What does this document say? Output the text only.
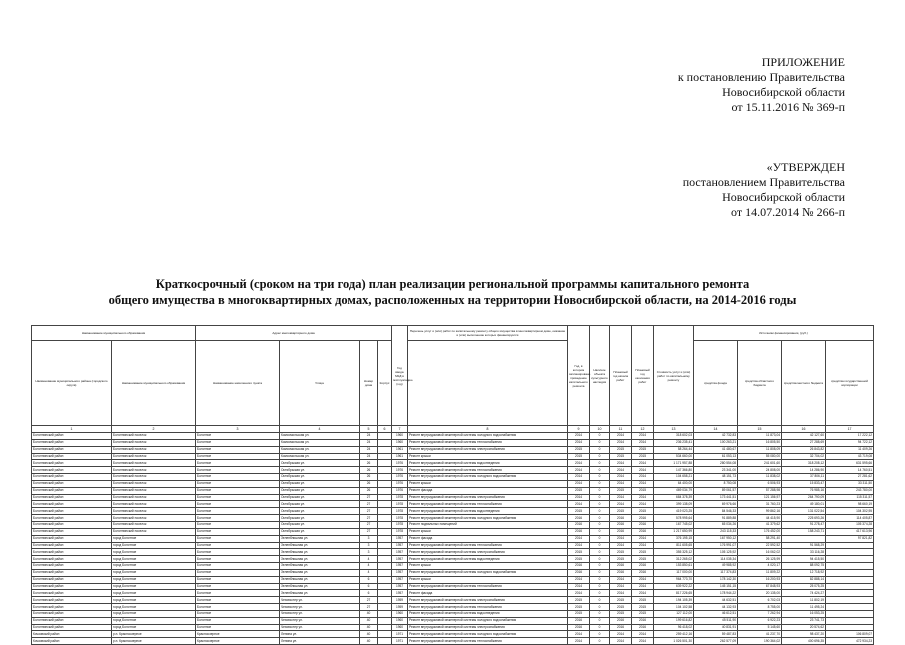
ПРИЛОЖЕНИЕ
к постановлению Правительства
Новосибирской области
от 15.11.2016 № 369-п
«УТВЕРЖДЕН
постановлением Правительства
Новосибирской области
от 14.07.2014 № 266-п
Краткосрочный (сроком на три года) план реализации региональной программы капитального ремонта
общего имущества в многоквартирных домах, расположенных на территории Новосибирской области, на 2014-2016 годы
Наименование муниципального образования		Адрес многоквартирного дома				Год ввода МКД в эксплуатацию (год)	Перечень услуг и (или) работ по капитальному ремонту общего имущества в многоквартирном доме, оказание и (или) выполнение которых финансируется	Год, в котором запланировано проведение капитального ремонта	Наличие объекта культурного наследия	Плановый год начала работ	Плановый год окончания работ	Стоимость услуг и (или) работ по капитальному ремонту	Источники финансирования, (руб.)			
Наименование муниципального района (городского округа)	Наименование муниципального образования	Наименование населенного пункта	Улица	Номер дома	Корпус								средства фонда	средства областного бюджета	средства местного бюджета	средства государственной корпорации
1	2	3	4	5	6	7	8	9	10	11	12	13	14	15	16	17
Болотнинский район	Болотнинский поселок	Болотное	Комсомольская ул.	24		1960	Ремонт внутридомовой инженерной системы холодного водоснабжения	2014	0	2014	2014	318 602,03	42 732,83	11 873,04	42 127,60	17 222,12
Болотнинский район	Болотнинский поселок	Болотное	Комсомольская ул.	24		1960	Ремонт внутридомовой инженерной системы теплоснабжения	2014	0	2014	2014	236 235,41	100 263,21	16 805,50	27 288,69	94 722,12
Болотнинский район	Болотнинский поселок	Болотное	Комсомольская ул.	24		1961	Ремонт внутридомовой инженерной системы электроснабжения	2015	0	2015	2015	58 264,44	41 480,67	11 808,09	26 843,82	11 409,26
Болотнинский район	Болотнинский поселок	Болотное	Комсомольская ул.	24		1961	Ремонт крыши	2015	0	2015	2015	534 660,00	61 053,13	55 080,00	32 704,02	43 719,08
Болотнинский район	Болотнинский поселок	Болотное	Октябрьская ул.	26		1976	Ремонт внутридомовой инженерной системы водоотведения	2014	0	2014	2014	1 171 957,88	280 554,08	241 601,60	318 208,12	631 595,66
Болотнинский район	Болотнинский поселок	Болотное	Октябрьская ул.	26		1976	Ремонт внутридомовой инженерной системы теплоснабжения	2014	0	2014	2014	147 366,80	23 341,00	24 808,00	14 286,90	14 760,51
Болотнинский район	Болотнинский поселок	Болотное	Октябрьская ул.	26		1976	Ремонт внутридомовой инженерной системы холодного водоснабжения	2014	0	2014	2014	104 658,21	48 151,73	11 838,02	37 806,11	27 281,62
Болотнинский район	Болотнинский поселок	Болотное	Октябрьская ул.	26		1976	Ремонт крыши	2014	0	2014	2014	64 400,00	8 750,08	6 506,93	15 833,47	33 311,50
Болотнинский район	Болотнинский поселок	Болотное	Октябрьская ул.	26		1976	Ремонт фасада	2015	0	2015	2015	469 034,79	89 061,57	57 288,98	76 985,16	243 780,00
Болотнинский район	Болотнинский поселок	Болотное	Октябрьская ул.	27		1978	Ремонт внутридомовой инженерной системы электроснабжения	2014	0	2014	2014	684 378,39	173 441,51	121 156,97	264 790,09	115 311,57
Болотнинский район	Болотнинский поселок	Болотное	Октябрьская ул.	27		1978	Ремонт внутридомовой инженерной системы теплоснабжения	2014	0	2014	2014	399 138,09	69 976,66	31 760,23	49 180,01	98 660,19
Болотнинский район	Болотнинский поселок	Болотное	Октябрьская ул.	27		1978	Ремонт внутридомовой инженерной системы водоотведения	2015	0	2015	2015	419 023,25	84 546,33	99 862,16	131 022,54	104 302,95
Болотнинский район	Болотнинский поселок	Болотное	Октябрьская ул.	27		1978	Ремонт внутридомовой инженерной системы холодного водоснабжения	2016	0	2016	2016	578 995,64	91 889,88	44 415,90	225 693,26	114 405,87
Болотнинский район	Болотнинский поселок	Болотное	Октябрьская ул.	27		1978	Ремонт подвальных помещений	2016	0	2016	2016	167 745,02	65 034,26	41 379,62	91 278,47	105 374,28
Болотнинский район	Болотнинский поселок	Болотное	Октябрьская ул.	27		1978	Ремонт крыши	2016	0	2016	2016	1 217 650,99	243 115,33	176 452,00	158 243,71	417 613,96
Болотнинский район	город Болотное	Болотное	Зеленблишная ул.	3		1957	Ремонт фасада	2014	0	2014	2014	376 195,15	167 950,12	58 291,40		97 821,82
Болотнинский район	город Болотное	Болотное	Зеленблишная ул.	3		1957	Ремонт внутридомовой инженерной системы теплоснабжения	2014	0	2014	2014	811 605,65	176 991,07	22 592,52	91 568,29	
Болотнинский район	город Болотное	Болотное	Зеленблишная ул.	3		1957	Ремонт внутридомовой инженерной системы электроснабжения	2015	0	2015	2015	355 325,12	105 125,92	16 062,02	33 116,28	
Болотнинский район	город Болотное	Болотное	Зеленблишная ул.	4		1957	Ремонт внутридомовой инженерной системы водоотведения	2015	0	2015	2015	312 265,02	114 035,34	26 125,99	94 415,50	
Болотнинский район	город Болотное	Болотное	Зеленблишная ул.	4		1957	Ремонт крыши	2016	0	2016	2016	153 850,61	49 985,92	4 020,17	88 092,75	
Болотнинский район	город Болотное	Болотное	Зеленблишная ул.	4		1957	Ремонт внутридомовой инженерной системы холодного водоснабжения	2016	0	2016	2016	117 000,00	117 374,83	11 809,22	12 718,92	
Болотнинский район	город Болотное	Болотное	Зеленблишная ул.	6		1957	Ремонт крыши	2014	0	2014	2014	964 773,70	178 142,30	16 200,93	82 888,14	
Болотнинский район	город Болотное	Болотное	Зеленблишная ул.	6		1957	Ремонт внутридомовой инженерной системы теплоснабжения	2014	0	2014	2014	639 922,22	145 151,15	67 848,93	25 075,25	
Болотнинский район	город Болотное	Болотное	Зеленблишная ул.	6		1957	Ремонт фасада	2014	0	2014	2014	817 226,65	178 944,22	20 135,00	74 424,27	
Болотнинский район	город Болотное	Болотное	Чехова пер ул.	27		1959	Ремонт внутридомовой инженерной системы электроснабжения	2015	0	2015	2015	194 105,39	44 632,51	6 702,03	11 802,19	
Болотнинский район	город Болотное	Болотное	Чехова пер ул.	27		1959	Ремонт внутридомовой инженерной системы теплоснабжения	2015	0	2015	2015	104 102,58	44 132,93	8 755,00	11 495,24	
Болотнинский район	город Болотное	Болотное	Чехова пер ул.	40		1960	Ремонт внутридомовой инженерной системы водоотведения	2015	0	2015	2015	127 112,00	46 612,51	7 262,94	16 053,25	
Болотнинский район	город Болотное	Болотное	Чехова пер ул.	40		1960	Ремонт внутридомовой инженерной системы холодного водоснабжения	2016	0	2016	2016	199 616,82	45 511,90	6 922,23	23 741,73	
Болотнинский район	город Болотное	Болотное	Чехова пер ул.	40		1960	Ремонт внутридомовой инженерной системы электроснабжения	2016	0	2016	2016	96 418,02	40 831,91	5 145,60	20 574,62	
Кочковский район	р.п. Красноозерное	Красноозерное	Ленина ул.	40		1971	Ремонт внутридомовой инженерной системы холодного водоснабжения	2014	0	2014	2014	259 412,16	59 487,83	41 237,70	98 437,20	106 809,07
Кочковский район	р.п. Красноозерное	Красноозерное	Ленина ул.	40		1971	Ремонт внутридомовой инженерной системы теплоснабжения	2014	0	2014	2014	1 026 501,30	262 577,09	190 364,02	400 696,35	472 934,23
